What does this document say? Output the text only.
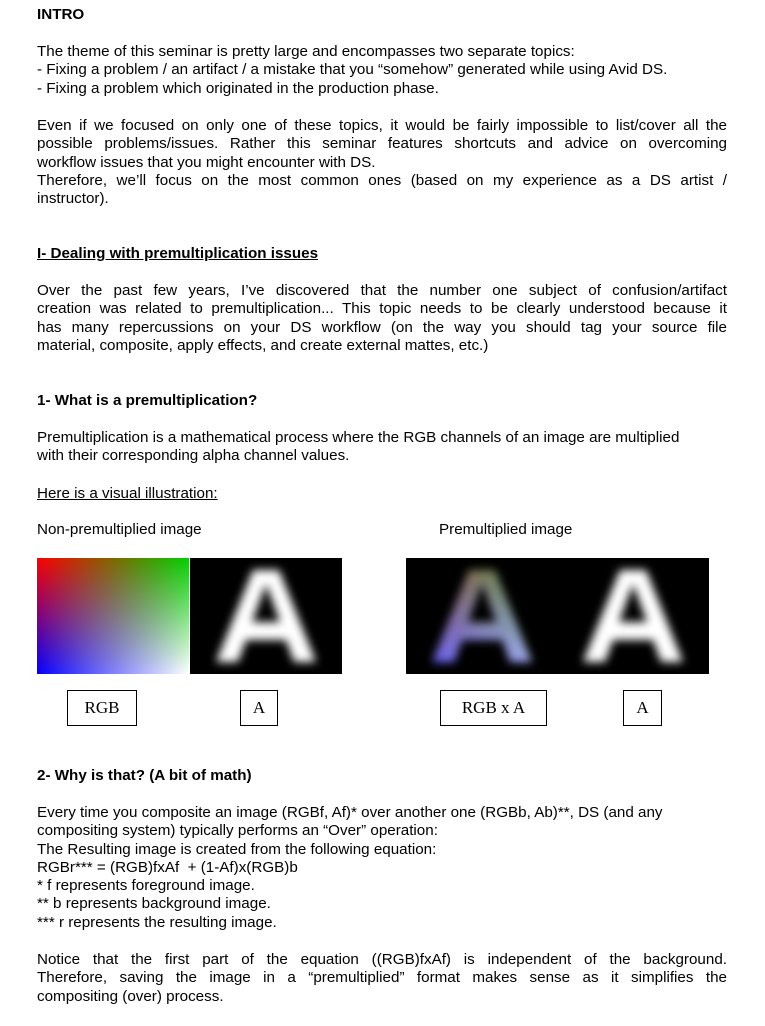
INTRO

The theme of this seminar is pretty large and encompasses two separate topics:

- Fixing a problem / an artifact / a mistake that you “somehow” generated while using Avid DS.

- Fixing a problem which originated in the production phase.

Even if we focused on only one of these topics, it would be fairly impossible to list/cover all the

possible problems/issues. Rather this seminar features shortcuts and advice on overcoming

workflow issues that you might encounter with DS.

Therefore, we’ll focus on the most common ones (based on my experience as a DS artist /

instructor).

I- Dealing with premultiplication issues

Over the past few years, I’ve discovered that the number one subject of confusion/artifact

creation was related to premultiplication... This topic needs to be clearly understood because it

has many repercussions on your DS workflow (on the way you should tag your source file

material, composite, apply effects, and create external mattes, etc.)

1- What is a premultiplication?

Premultiplication is a mathematical process where the RGB channels of an image are multiplied

with their corresponding alpha channel values.

Here is a visual illustration:

Non-premultiplied image	Premultiplied image

RGB	A	RGB x A	A

2- Why is that? (A bit of math)

Every time you composite an image (RGBf, Af)* over another one (RGBb, Ab)**, DS (and any

compositing system) typically performs an “Over” operation:

The Resulting image is created from the following equation:

RGBr*** = (RGB)fxAf  + (1-Af)x(RGB)b

* f represents foreground image.

** b represents background image.

*** r represents the resulting image.

Notice that the first part of the equation ((RGB)fxAf) is independent of the background.

Therefore, saving the image in a “premultiplied” format makes sense as it simplifies the

compositing (over) process.
